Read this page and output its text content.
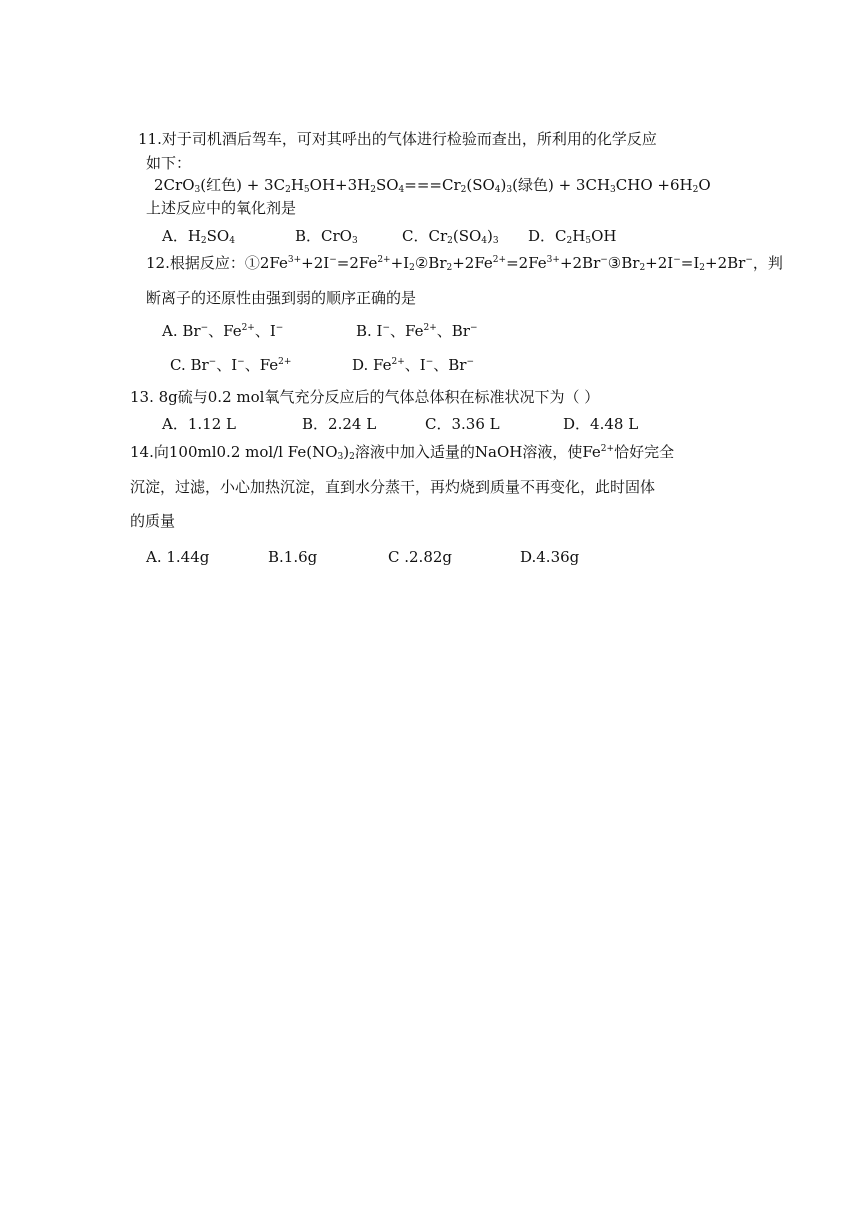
11.对于司机酒后驾车，可对其呼出的气体进行检验而查出，所利用的化学反应
如下：
2CrO$_3$(红色) + $3C_2H_5OH+3H_2SO_4===Cr_2(SO_4)_3$(绿色) + $3CH_3CHO +6H_2O$
上述反应中的氧化剂是
A．$H_2SO_4$	B．CrO$_3$	C．$Cr_2(SO_4)_3$ D．$C_2H_5OH$
12.根据反应：$①2Fe^{3+}+2I^-=2Fe^{2+}+I_2②Br_2+2Fe^{2+}=2Fe^{3+}+2Br^-③Br_2+2I^-=I_2+2Br^-$，判
断离子的还原性由强到弱的顺序正确的是
A. Br−、$Fe^{2+}$、I−	B. I−、$Fe^{2+}$、Br−
C. Br−、I−、$Fe^{2+}$	D. $Fe^{2+}$、I−、Br−
13. 8g硫与0.2 mol氧气充分反应后的气体总体积在标准状况下为（ ）
A．1.12 L	B．2.24 L	C．3.36 L	D．4.48 L
14.向100ml0.2 mol/l $Fe(NO_3)_2$溶液中加入适量的NaOH溶液，使$Fe^{2+}$恰好完全
沉淀，过滤，小心加热沉淀，直到水分蒸干，再灼烧到质量不再变化，此时固体
的质量
A. 1.44g	B.1.6g	C .2.82g	D.4.36g
